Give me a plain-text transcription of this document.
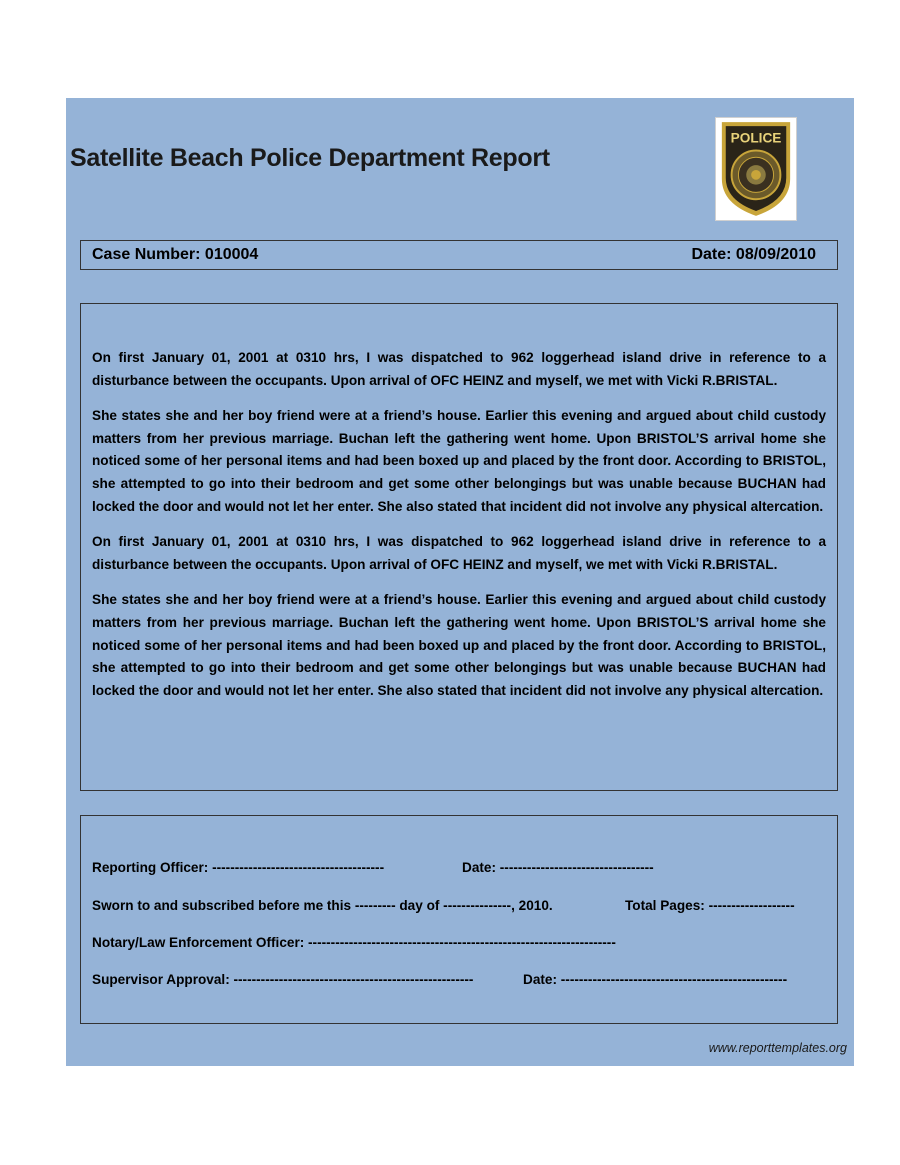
Satellite Beach Police Department Report
POLICE
Case Number: 010004	Date: 08/09/2010

On first January 01, 2001 at 0310 hrs, I was dispatched to 962 loggerhead island drive in reference to a disturbance between the occupants. Upon arrival of OFC HEINZ and myself, we met with Vicki R.BRISTAL.

She states she and her boy friend were at a friend’s house. Earlier this evening and argued about child custody matters from her previous marriage. Buchan left the gathering went home. Upon BRISTOL’S arrival home she noticed some of her personal items and had been boxed up and placed by the front door. According to BRISTOL, she attempted to go into their bedroom and get some other belongings but was unable because BUCHAN had locked the door and would not let her enter. She also stated that incident did not involve any physical altercation.

On first January 01, 2001 at 0310 hrs, I was dispatched to 962 loggerhead island drive in reference to a disturbance between the occupants. Upon arrival of OFC HEINZ and myself, we met with Vicki R.BRISTAL.

She states she and her boy friend were at a friend’s house. Earlier this evening and argued about child custody matters from her previous marriage. Buchan left the gathering went home. Upon BRISTOL’S arrival home she noticed some of her personal items and had been boxed up and placed by the front door. According to BRISTOL, she attempted to go into their bedroom and get some other belongings but was unable because BUCHAN had locked the door and would not let her enter. She also stated that incident did not involve any physical altercation.

Reporting Officer: --------------------------------------	Date: ----------------------------------
Sworn to and subscribed before me this --------- day of ---------------, 2010.	Total Pages: -------------------
Notary/Law Enforcement Officer: --------------------------------------------------------------------
Supervisor Approval: -----------------------------------------------------	Date: --------------------------------------------------
www.reporttemplates.org
